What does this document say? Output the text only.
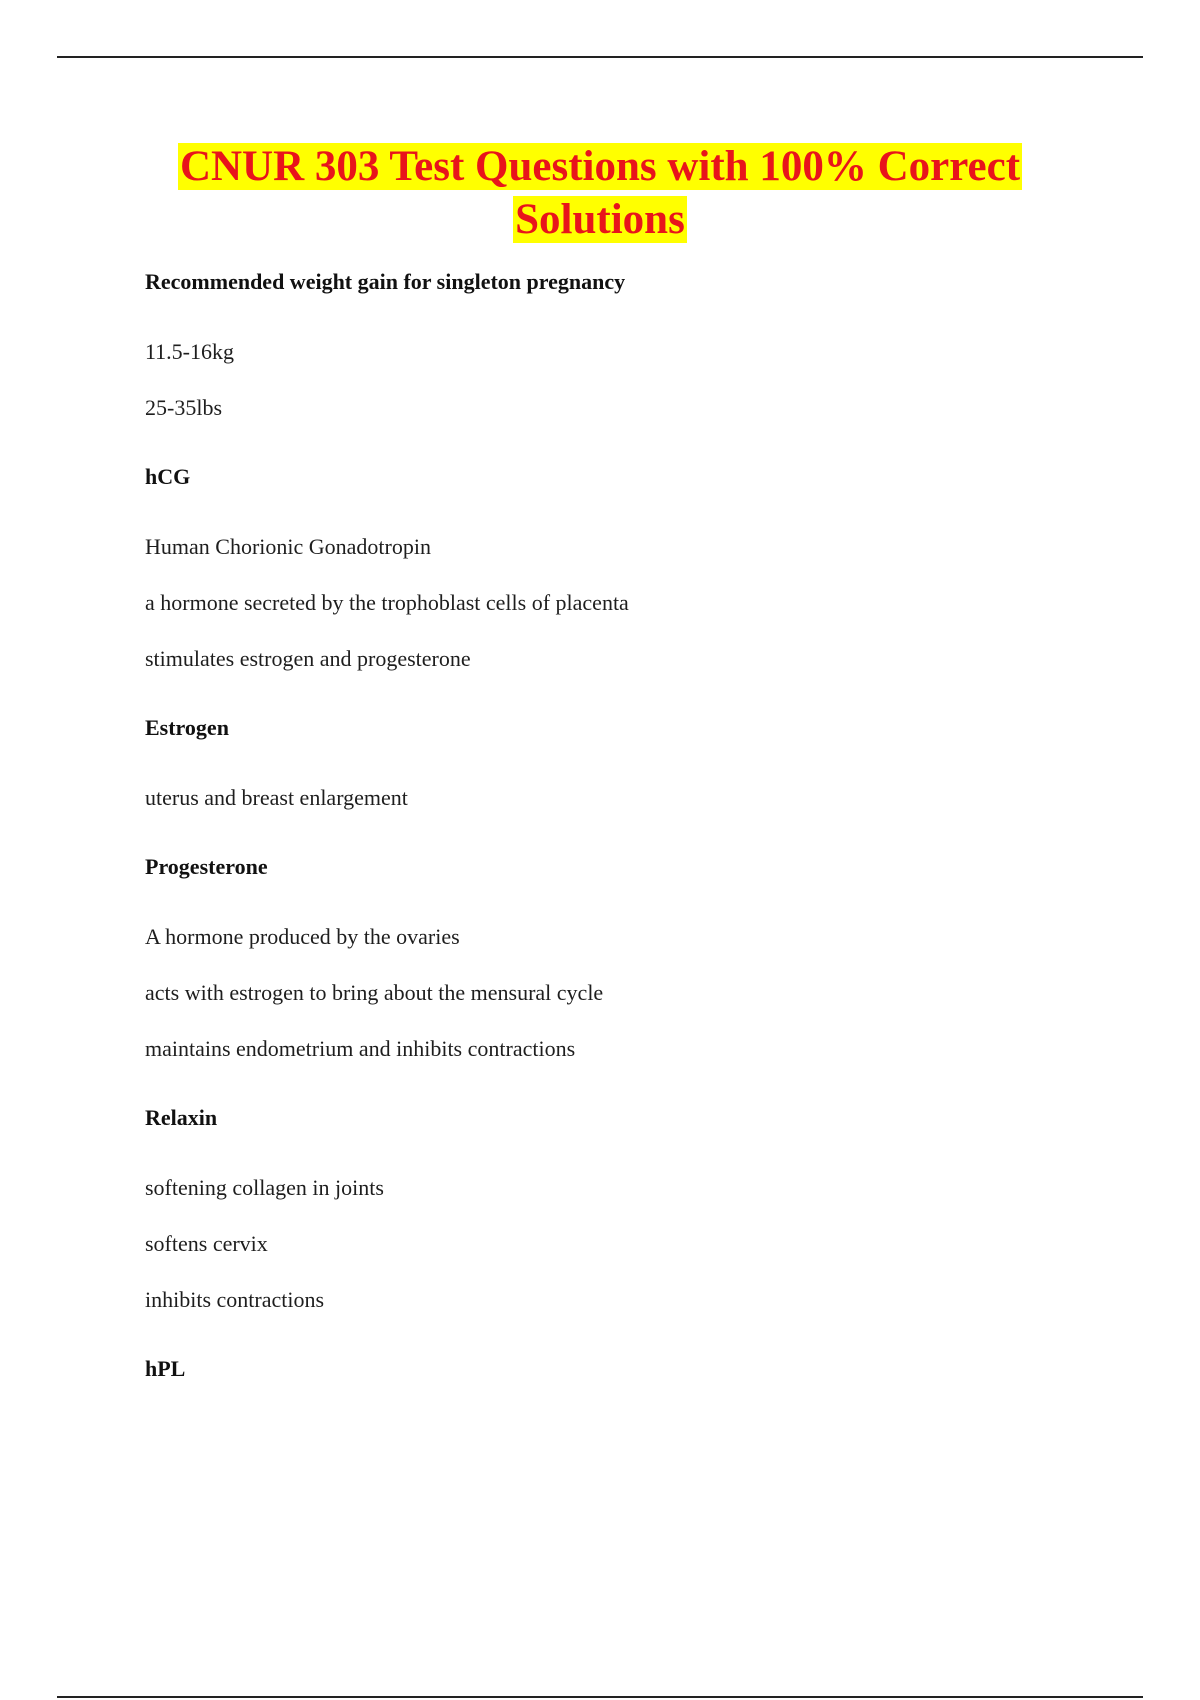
CNUR 303 Test Questions with 100% Correct
Solutions

Recommended weight gain for singleton pregnancy

11.5-16kg

25-35lbs

hCG

Human Chorionic Gonadotropin

a hormone secreted by the trophoblast cells of placenta

stimulates estrogen and progesterone

Estrogen

uterus and breast enlargement

Progesterone

A hormone produced by the ovaries

acts with estrogen to bring about the mensural cycle

maintains endometrium and inhibits contractions

Relaxin

softening collagen in joints

softens cervix

inhibits contractions

hPL
